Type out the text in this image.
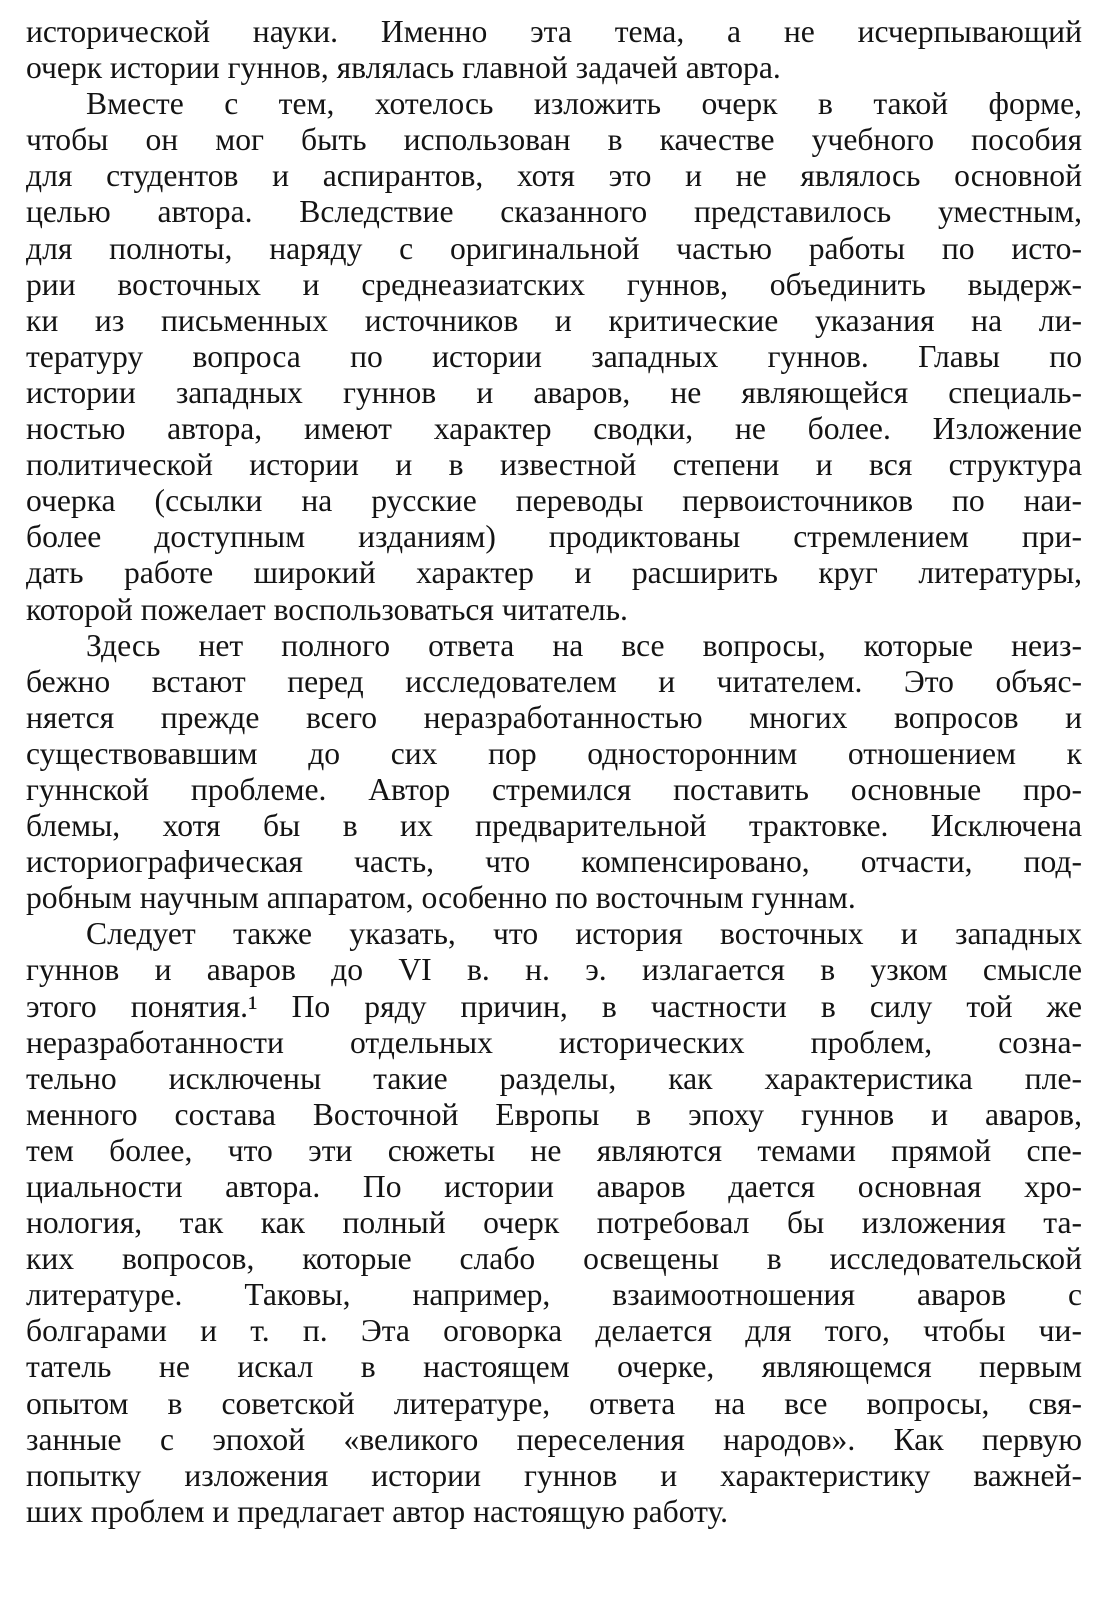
исторической науки. Именно эта тема, а не исчерпывающий
очерк истории гуннов, являлась главной задачей автора.
Вместе с тем, хотелось изложить очерк в такой форме,
чтобы он мог быть использован в качестве учебного пособия
для студентов и аспирантов, хотя это и не являлось основной
целью автора. Вследствие сказанного представилось уместным,
для полноты, наряду с оригинальной частью работы по исто-
рии восточных и среднеазиатских гуннов, объединить выдерж-
ки из письменных источников и критические указания на ли-
тературу вопроса по истории западных гуннов. Главы по
истории западных гуннов и аваров, не являющейся специаль-
ностью автора, имеют характер сводки, не более. Изложение
политической истории и в известной степени и вся структура
очерка (ссылки на русские переводы первоисточников по наи-
более доступным изданиям) продиктованы стремлением при-
дать работе широкий характер и расширить круг литературы,
которой пожелает воспользоваться читатель.
Здесь нет полного ответа на все вопросы, которые неиз-
бежно встают перед исследователем и читателем. Это объяс-
няется прежде всего неразработанностью многих вопросов и
существовавшим до сих пор односторонним отношением к
гуннской проблеме. Автор стремился поставить основные про-
блемы, хотя бы в их предварительной трактовке. Исключена
историографическая часть, что компенсировано, отчасти, под-
робным научным аппаратом, особенно по восточным гуннам.
Следует также указать, что история восточных и западных
гуннов и аваров до VI в. н. э. излагается в узком смысле
этого понятия.¹ По ряду причин, в частности в силу той же
неразработанности отдельных исторических проблем, созна-
тельно исключены такие разделы, как характеристика пле-
менного состава Восточной Европы в эпоху гуннов и аваров,
тем более, что эти сюжеты не являются темами прямой спе-
циальности автора. По истории аваров дается основная хро-
нология, так как полный очерк потребовал бы изложения та-
ких вопросов, которые слабо освещены в исследовательской
литературе. Таковы, например, взаимоотношения аваров с
болгарами и т. п. Эта оговорка делается для того, чтобы чи-
татель не искал в настоящем очерке, являющемся первым
опытом в советской литературе, ответа на все вопросы, свя-
занные с эпохой «великого переселения народов». Как первую
попытку изложения истории гуннов и характеристику важней-
ших проблем и предлагает автор настоящую работу.
